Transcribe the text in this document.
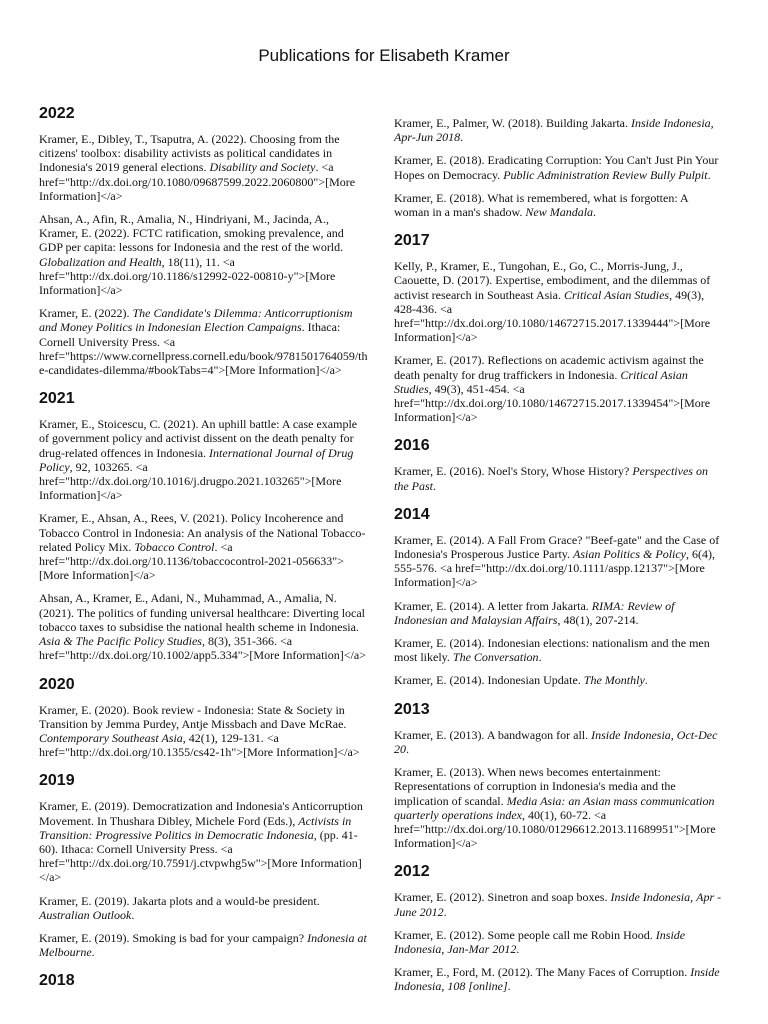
Publications for Elisabeth Kramer
2022
Kramer, E., Dibley, T., Tsaputra, A. (2022). Choosing from the citizens' toolbox: disability activists as political candidates in Indonesia's 2019 general elections. Disability and Society. <a href="http://dx.doi.org/10.1080/09687599.2022.2060800">[More Information]</a>
Ahsan, A., Afin, R., Amalia, N., Hindriyani, M., Jacinda, A., Kramer, E. (2022). FCTC ratification, smoking prevalence, and GDP per capita: lessons for Indonesia and the rest of the world. Globalization and Health, 18(11), 11. <a href="http://dx.doi.org/10.1186/s12992-022-00810-y">[More Information]</a>
Kramer, E. (2022). The Candidate's Dilemma: Anticorruptionism and Money Politics in Indonesian Election Campaigns. Ithaca: Cornell University Press. <a href="https://www.cornellpress.cornell.edu/book/9781501764059/the-candidates-dilemma/#bookTabs=4">[More Information]</a>
2021
Kramer, E., Stoicescu, C. (2021). An uphill battle: A case example of government policy and activist dissent on the death penalty for drug-related offences in Indonesia. International Journal of Drug Policy, 92, 103265. <a href="http://dx.doi.org/10.1016/j.drugpo.2021.103265">[More Information]</a>
Kramer, E., Ahsan, A., Rees, V. (2021). Policy Incoherence and Tobacco Control in Indonesia: An analysis of the National Tobacco-related Policy Mix. Tobacco Control. <a href="http://dx.doi.org/10.1136/tobaccocontrol-2021-056633">[More Information]</a>
Ahsan, A., Kramer, E., Adani, N., Muhammad, A., Amalia, N. (2021). The politics of funding universal healthcare: Diverting local tobacco taxes to subsidise the national health scheme in Indonesia. Asia & The Pacific Policy Studies, 8(3), 351-366. <a href="http://dx.doi.org/10.1002/app5.334">[More Information]</a>
2020
Kramer, E. (2020). Book review - Indonesia: State & Society in Transition by Jemma Purdey, Antje Missbach and Dave McRae. Contemporary Southeast Asia, 42(1), 129-131. <a href="http://dx.doi.org/10.1355/cs42-1h">[More Information]</a>
2019
Kramer, E. (2019). Democratization and Indonesia's Anticorruption Movement. In Thushara Dibley, Michele Ford (Eds.), Activists in Transition: Progressive Politics in Democratic Indonesia, (pp. 41-60). Ithaca: Cornell University Press. <a href="http://dx.doi.org/10.7591/j.ctvpwhg5w">[More Information]</a>
Kramer, E. (2019). Jakarta plots and a would-be president. Australian Outlook.
Kramer, E. (2019). Smoking is bad for your campaign? Indonesia at Melbourne.
2018
Kramer, E., Palmer, W. (2018). Building Jakarta. Inside Indonesia, Apr-Jun 2018.
Kramer, E. (2018). Eradicating Corruption: You Can't Just Pin Your Hopes on Democracy. Public Administration Review Bully Pulpit.
Kramer, E. (2018). What is remembered, what is forgotten: A woman in a man's shadow. New Mandala.
2017
Kelly, P., Kramer, E., Tungohan, E., Go, C., Morris-Jung, J., Caouette, D. (2017). Expertise, embodiment, and the dilemmas of activist research in Southeast Asia. Critical Asian Studies, 49(3), 428-436. <a href="http://dx.doi.org/10.1080/14672715.2017.1339444">[More Information]</a>
Kramer, E. (2017). Reflections on academic activism against the death penalty for drug traffickers in Indonesia. Critical Asian Studies, 49(3), 451-454. <a href="http://dx.doi.org/10.1080/14672715.2017.1339454">[More Information]</a>
2016
Kramer, E. (2016). Noel's Story, Whose History? Perspectives on the Past.
2014
Kramer, E. (2014). A Fall From Grace? "Beef-gate" and the Case of Indonesia's Prosperous Justice Party. Asian Politics & Policy, 6(4), 555-576. <a href="http://dx.doi.org/10.1111/aspp.12137">[More Information]</a>
Kramer, E. (2014). A letter from Jakarta. RIMA: Review of Indonesian and Malaysian Affairs, 48(1), 207-214.
Kramer, E. (2014). Indonesian elections: nationalism and the men most likely. The Conversation.
Kramer, E. (2014). Indonesian Update. The Monthly.
2013
Kramer, E. (2013). A bandwagon for all. Inside Indonesia, Oct-Dec 20.
Kramer, E. (2013). When news becomes entertainment: Representations of corruption in Indonesia's media and the implication of scandal. Media Asia: an Asian mass communication quarterly operations index, 40(1), 60-72. <a href="http://dx.doi.org/10.1080/01296612.2013.11689951">[More Information]</a>
2012
Kramer, E. (2012). Sinetron and soap boxes. Inside Indonesia, Apr - June 2012.
Kramer, E. (2012). Some people call me Robin Hood. Inside Indonesia, Jan-Mar 2012.
Kramer, E., Ford, M. (2012). The Many Faces of Corruption. Inside Indonesia, 108 [online].
